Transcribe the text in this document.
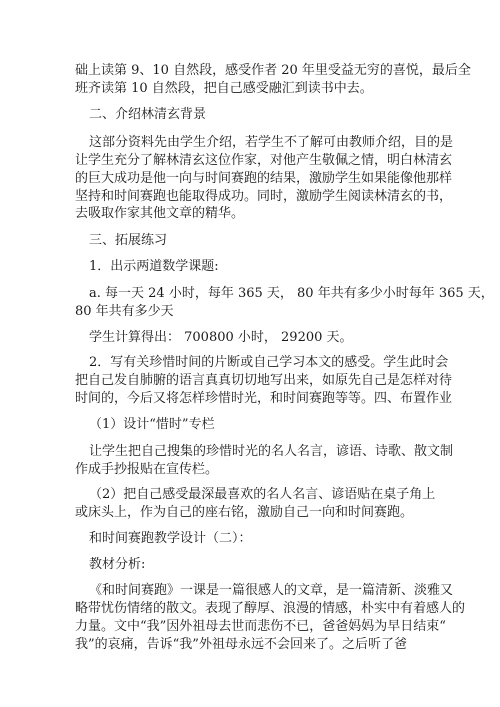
础上读第 9、10 自然段，感受作者 20 年里受益无穷的喜悦，最后全
班齐读第 10 自然段，把自己感受融汇到读书中去。
二、介绍林清玄背景
这部分资料先由学生介绍，若学生不了解可由教师介绍，目的是
让学生充分了解林清玄这位作家，对他产生敬佩之情，明白林清玄
的巨大成功是他一向与时间赛跑的结果，激励学生如果能像他那样
坚持和时间赛跑也能取得成功。同时，激励学生阅读林清玄的书，
去吸取作家其他文章的精华。
三、拓展练习
1．出示两道数学课题:
a. 每一天 24 小时，每年 365 天， 80 年共有多少小时每年 365 天，
80 年共有多少天
学生计算得出： 700800 小时， 29200 天。
2．写有关珍惜时间的片断或自己学习本文的感受。学生此时会
把自己发自肺腑的语言真真切切地写出来，如原先自己是怎样对待
时间的，今后又将怎样珍惜时光，和时间赛跑等等。四、布置作业
（1）设计“惜时”专栏
让学生把自己搜集的珍惜时光的名人名言，谚语、诗歌、散文制
作成手抄报贴在宣传栏。
（2）把自己感受最深最喜欢的名人名言、谚语贴在桌子角上
或床头上，作为自己的座右铭，激励自己一向和时间赛跑。
和时间赛跑教学设计（二）：
教材分析:
《和时间赛跑》一课是一篇很感人的文章，是一篇清新、淡雅又
略带忧伤情绪的散文。表现了醇厚、浪漫的情感，朴实中有着感人的
力量。文中“我”因外祖母去世而悲伤不已，爸爸妈妈为早日结束“
我”的哀痛，告诉“我”外祖母永远不会回来了。之后听了爸
